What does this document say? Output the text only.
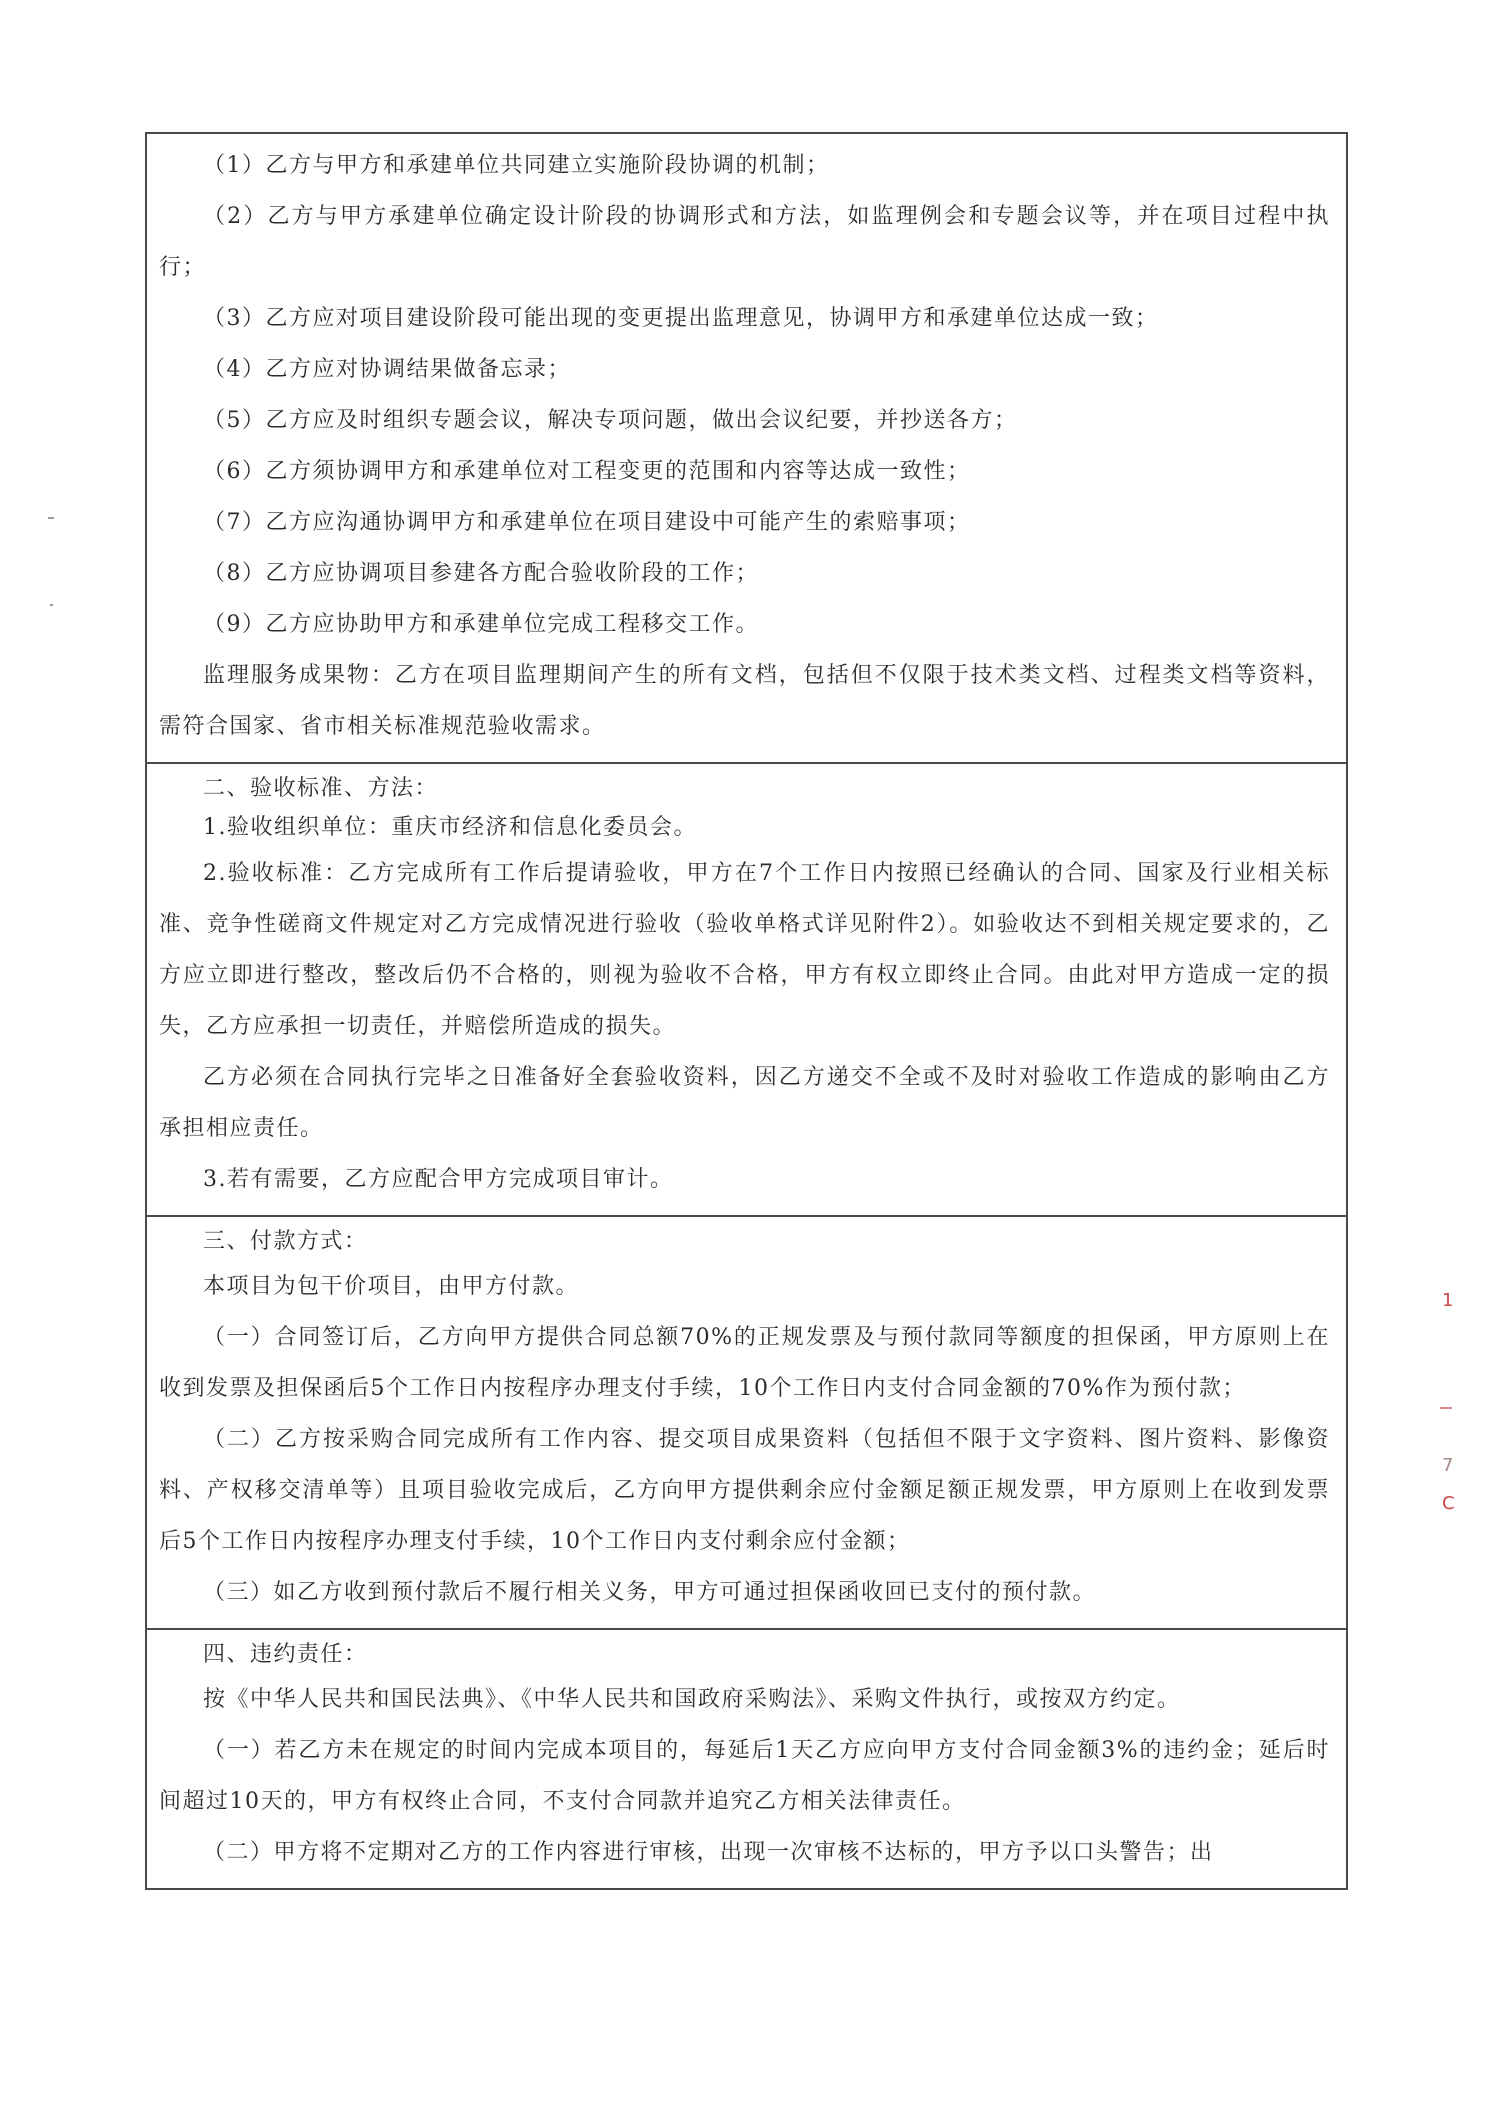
1
7
C

（1）乙方与甲方和承建单位共同建立实施阶段协调的机制；

（2）乙方与甲方承建单位确定设计阶段的协调形式和方法，如监理例会和专题会议等，并在项目过程中执行；

（3）乙方应对项目建设阶段可能出现的变更提出监理意见，协调甲方和承建单位达成一致；

（4）乙方应对协调结果做备忘录；

（5）乙方应及时组织专题会议，解决专项问题，做出会议纪要，并抄送各方；

（6）乙方须协调甲方和承建单位对工程变更的范围和内容等达成一致性；

（7）乙方应沟通协调甲方和承建单位在项目建设中可能产生的索赔事项；

（8）乙方应协调项目参建各方配合验收阶段的工作；

（9）乙方应协助甲方和承建单位完成工程移交工作。

监理服务成果物：乙方在项目监理期间产生的所有文档，包括但不仅限于技术类文档、过程类文档等资料，需符合国家、省市相关标准规范验收需求。

二、验收标准、方法：

1.验收组织单位：重庆市经济和信息化委员会。

2.验收标准：乙方完成所有工作后提请验收，甲方在7个工作日内按照已经确认的合同、国家及行业相关标准、竞争性磋商文件规定对乙方完成情况进行验收（验收单格式详见附件2）。如验收达不到相关规定要求的，乙方应立即进行整改，整改后仍不合格的，则视为验收不合格，甲方有权立即终止合同。由此对甲方造成一定的损失，乙方应承担一切责任，并赔偿所造成的损失。

乙方必须在合同执行完毕之日准备好全套验收资料，因乙方递交不全或不及时对验收工作造成的影响由乙方承担相应责任。

3.若有需要，乙方应配合甲方完成项目审计。

三、付款方式：

本项目为包干价项目，由甲方付款。

（一）合同签订后，乙方向甲方提供合同总额70%的正规发票及与预付款同等额度的担保函，甲方原则上在收到发票及担保函后5个工作日内按程序办理支付手续，10个工作日内支付合同金额的70%作为预付款；

（二）乙方按采购合同完成所有工作内容、提交项目成果资料（包括但不限于文字资料、图片资料、影像资料、产权移交清单等）且项目验收完成后，乙方向甲方提供剩余应付金额足额正规发票，甲方原则上在收到发票后5个工作日内按程序办理支付手续，10个工作日内支付剩余应付金额；

（三）如乙方收到预付款后不履行相关义务，甲方可通过担保函收回已支付的预付款。

四、违约责任：

按《中华人民共和国民法典》、《中华人民共和国政府采购法》、采购文件执行，或按双方约定。

（一）若乙方未在规定的时间内完成本项目的，每延后1天乙方应向甲方支付合同金额3%的违约金；延后时间超过10天的，甲方有权终止合同，不支付合同款并追究乙方相关法律责任。

（二）甲方将不定期对乙方的工作内容进行审核，出现一次审核不达标的，甲方予以口头警告；出
